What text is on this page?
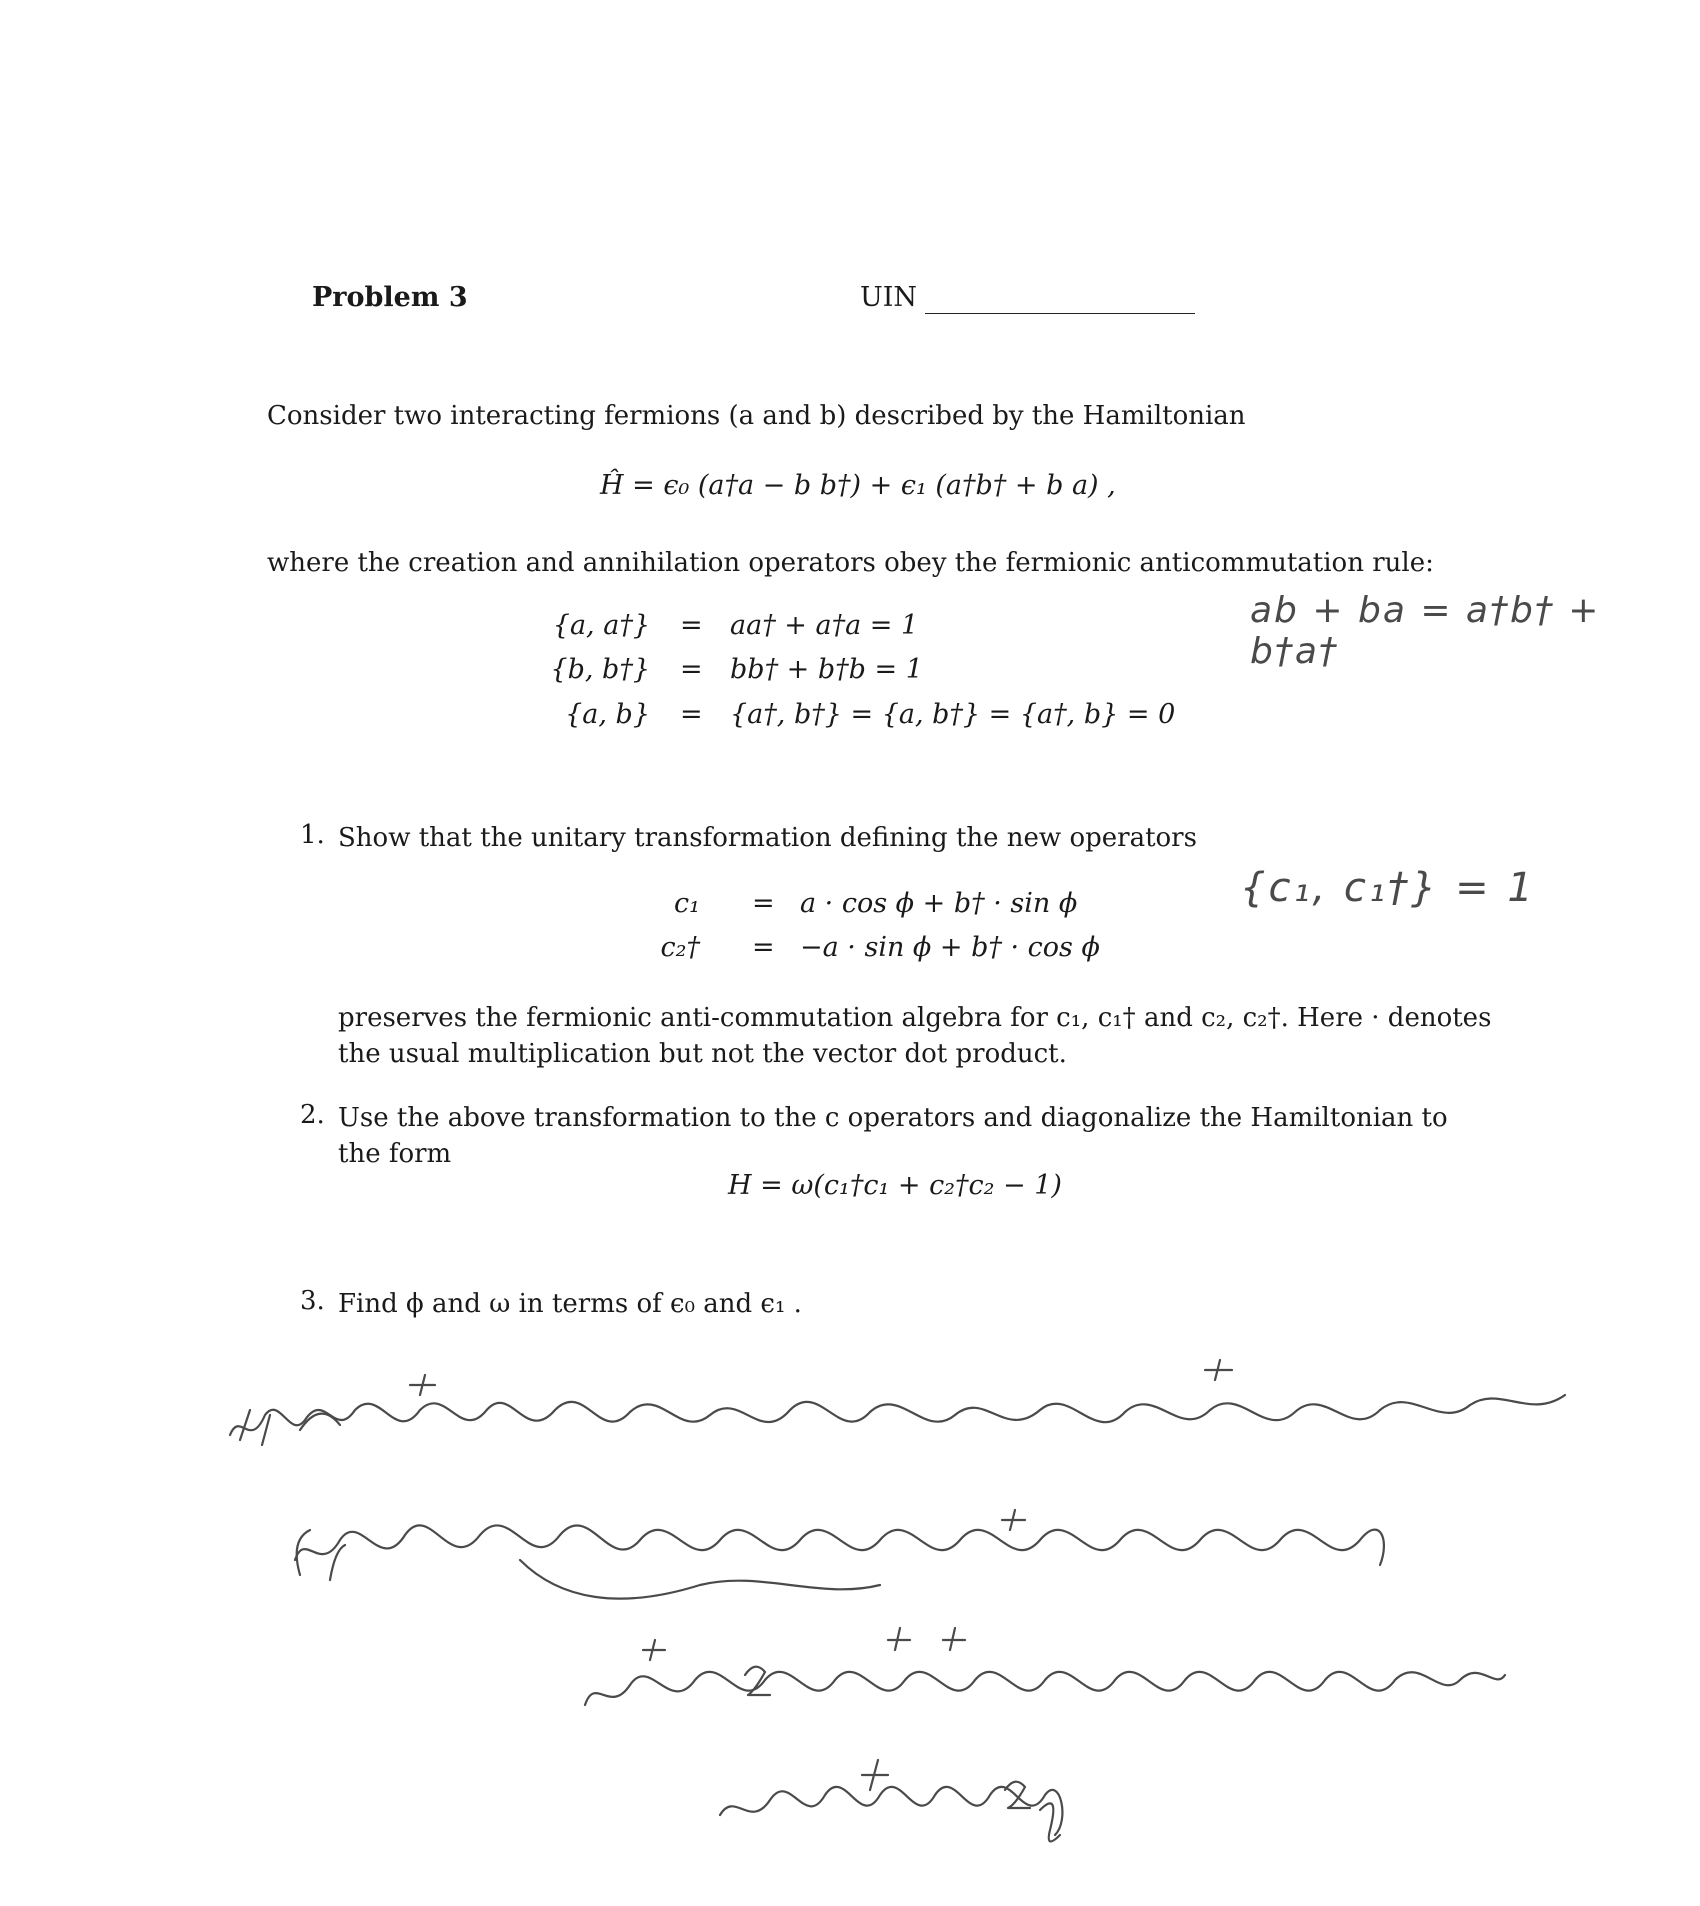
Problem 3	UIN
Consider two interacting fermions (a and b) described by the Hamiltonian
Ĥ = ϵ₀ (a†a − b b†) + ϵ₁ (a†b† + b a) ,
where the creation and annihilation operators obey the fermionic anticommutation rule:
{a, a†} = aa† + a†a = 1
{b, b†} = bb† + b†b = 1
{a, b} = {a†, b†} = {a, b†} = {a†, b} = 0
1. Show that the unitary transformation defining the new operators
c₁ = a · cos ϕ + b† · sin ϕ
c₂† = −a · sin ϕ + b† · cos ϕ
preserves the fermionic anti-commutation algebra for c₁, c₁† and c₂, c₂†. Here · denotes
the usual multiplication but not the vector dot product.
2. Use the above transformation to the c operators and diagonalize the Hamiltonian to
the form
H = ω(c₁†c₁ + c₂†c₂ − 1)
3. Find ϕ and ω in terms of ϵ₀ and ϵ₁ .
ab + ba = a†b† + b†a†
{c₁, c₁†} = 1
